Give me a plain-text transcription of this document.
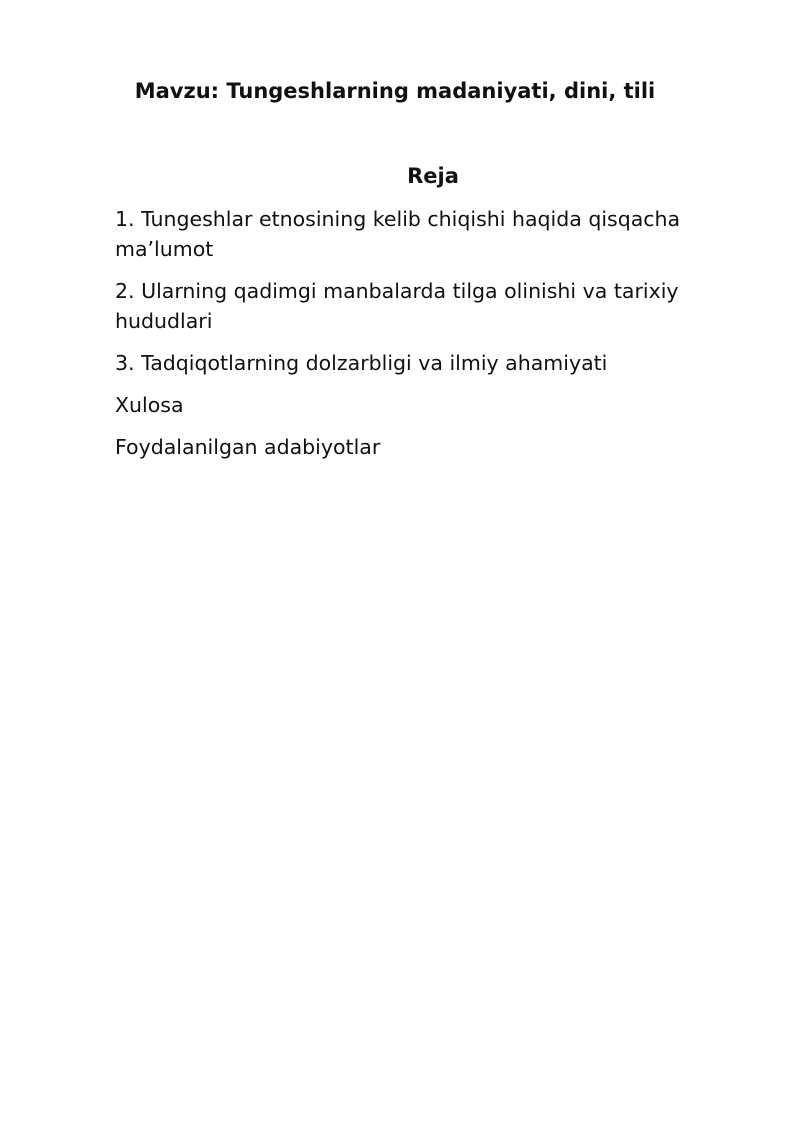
Mavzu: Tungeshlarning madaniyati, dini, tili
Reja
1. Tungeshlar etnosining kelib chiqishi haqida qisqacha ma’lumot
2. Ularning qadimgi manbalarda tilga olinishi va tarixiy hududlari
3. Tadqiqotlarning dolzarbligi va ilmiy ahamiyati
Xulosa
Foydalanilgan adabiyotlar
